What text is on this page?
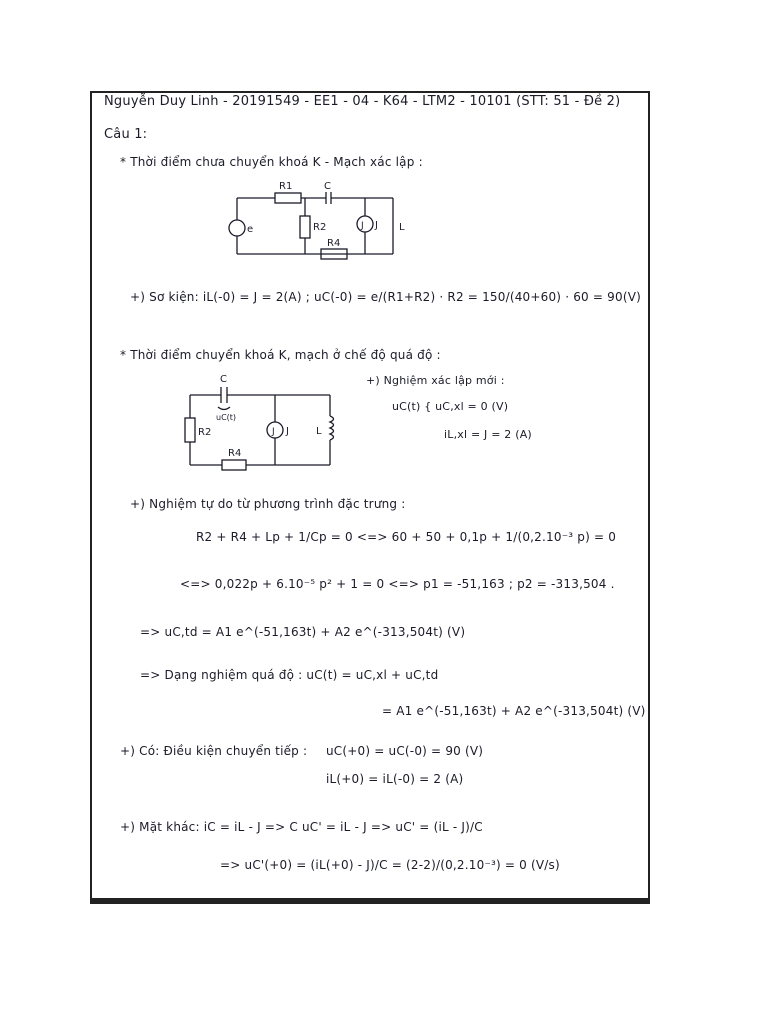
Nguyễn Duy Linh - 20191549 - EE1 - 04 - K64 - LTM2 - 10101 (STT: 51 - Đề 2)
Câu 1:
* Thời điểm chưa chuyển khoá K - Mạch xác lập :
R1	C
e	R2	J J L
R4
+) Sơ kiện: iL(-0) = J = 2(A) ; uC(-0) = e/(R1+R2) · R2 = 150/(40+60) · 60 = 90(V)
* Thời điểm chuyển khoá K, mạch ở chế độ quá độ :
C
uC(t)
R2	J J	L
R4
+) Nghiệm xác lập mới :
uC(t) { uC,xl = 0 (V)
iL,xl = J = 2 (A)
+) Nghiệm tự do từ phương trình đặc trưng :
R2 + R4 + Lp + 1/Cp = 0 <=> 60 + 50 + 0,1p + 1/(0,2.10⁻³ p) = 0
<=> 0,022p + 6.10⁻⁵ p² + 1 = 0 <=> p1 = -51,163 ; p2 = -313,504 .
=> uC,td = A1 e^(-51,163t) + A2 e^(-313,504t) (V)
=> Dạng nghiệm quá độ : uC(t) = uC,xl + uC,td
= A1 e^(-51,163t) + A2 e^(-313,504t) (V)
+) Có: Điều kiện chuyển tiếp : uC(+0) = uC(-0) = 90 (V)
iL(+0) = iL(-0) = 2 (A)
+) Mặt khác: iC = iL - J => C uC' = iL - J => uC' = (iL - J)/C
=> uC'(+0) = (iL(+0) - J)/C = (2-2)/(0,2.10⁻³) = 0 (V/s)
